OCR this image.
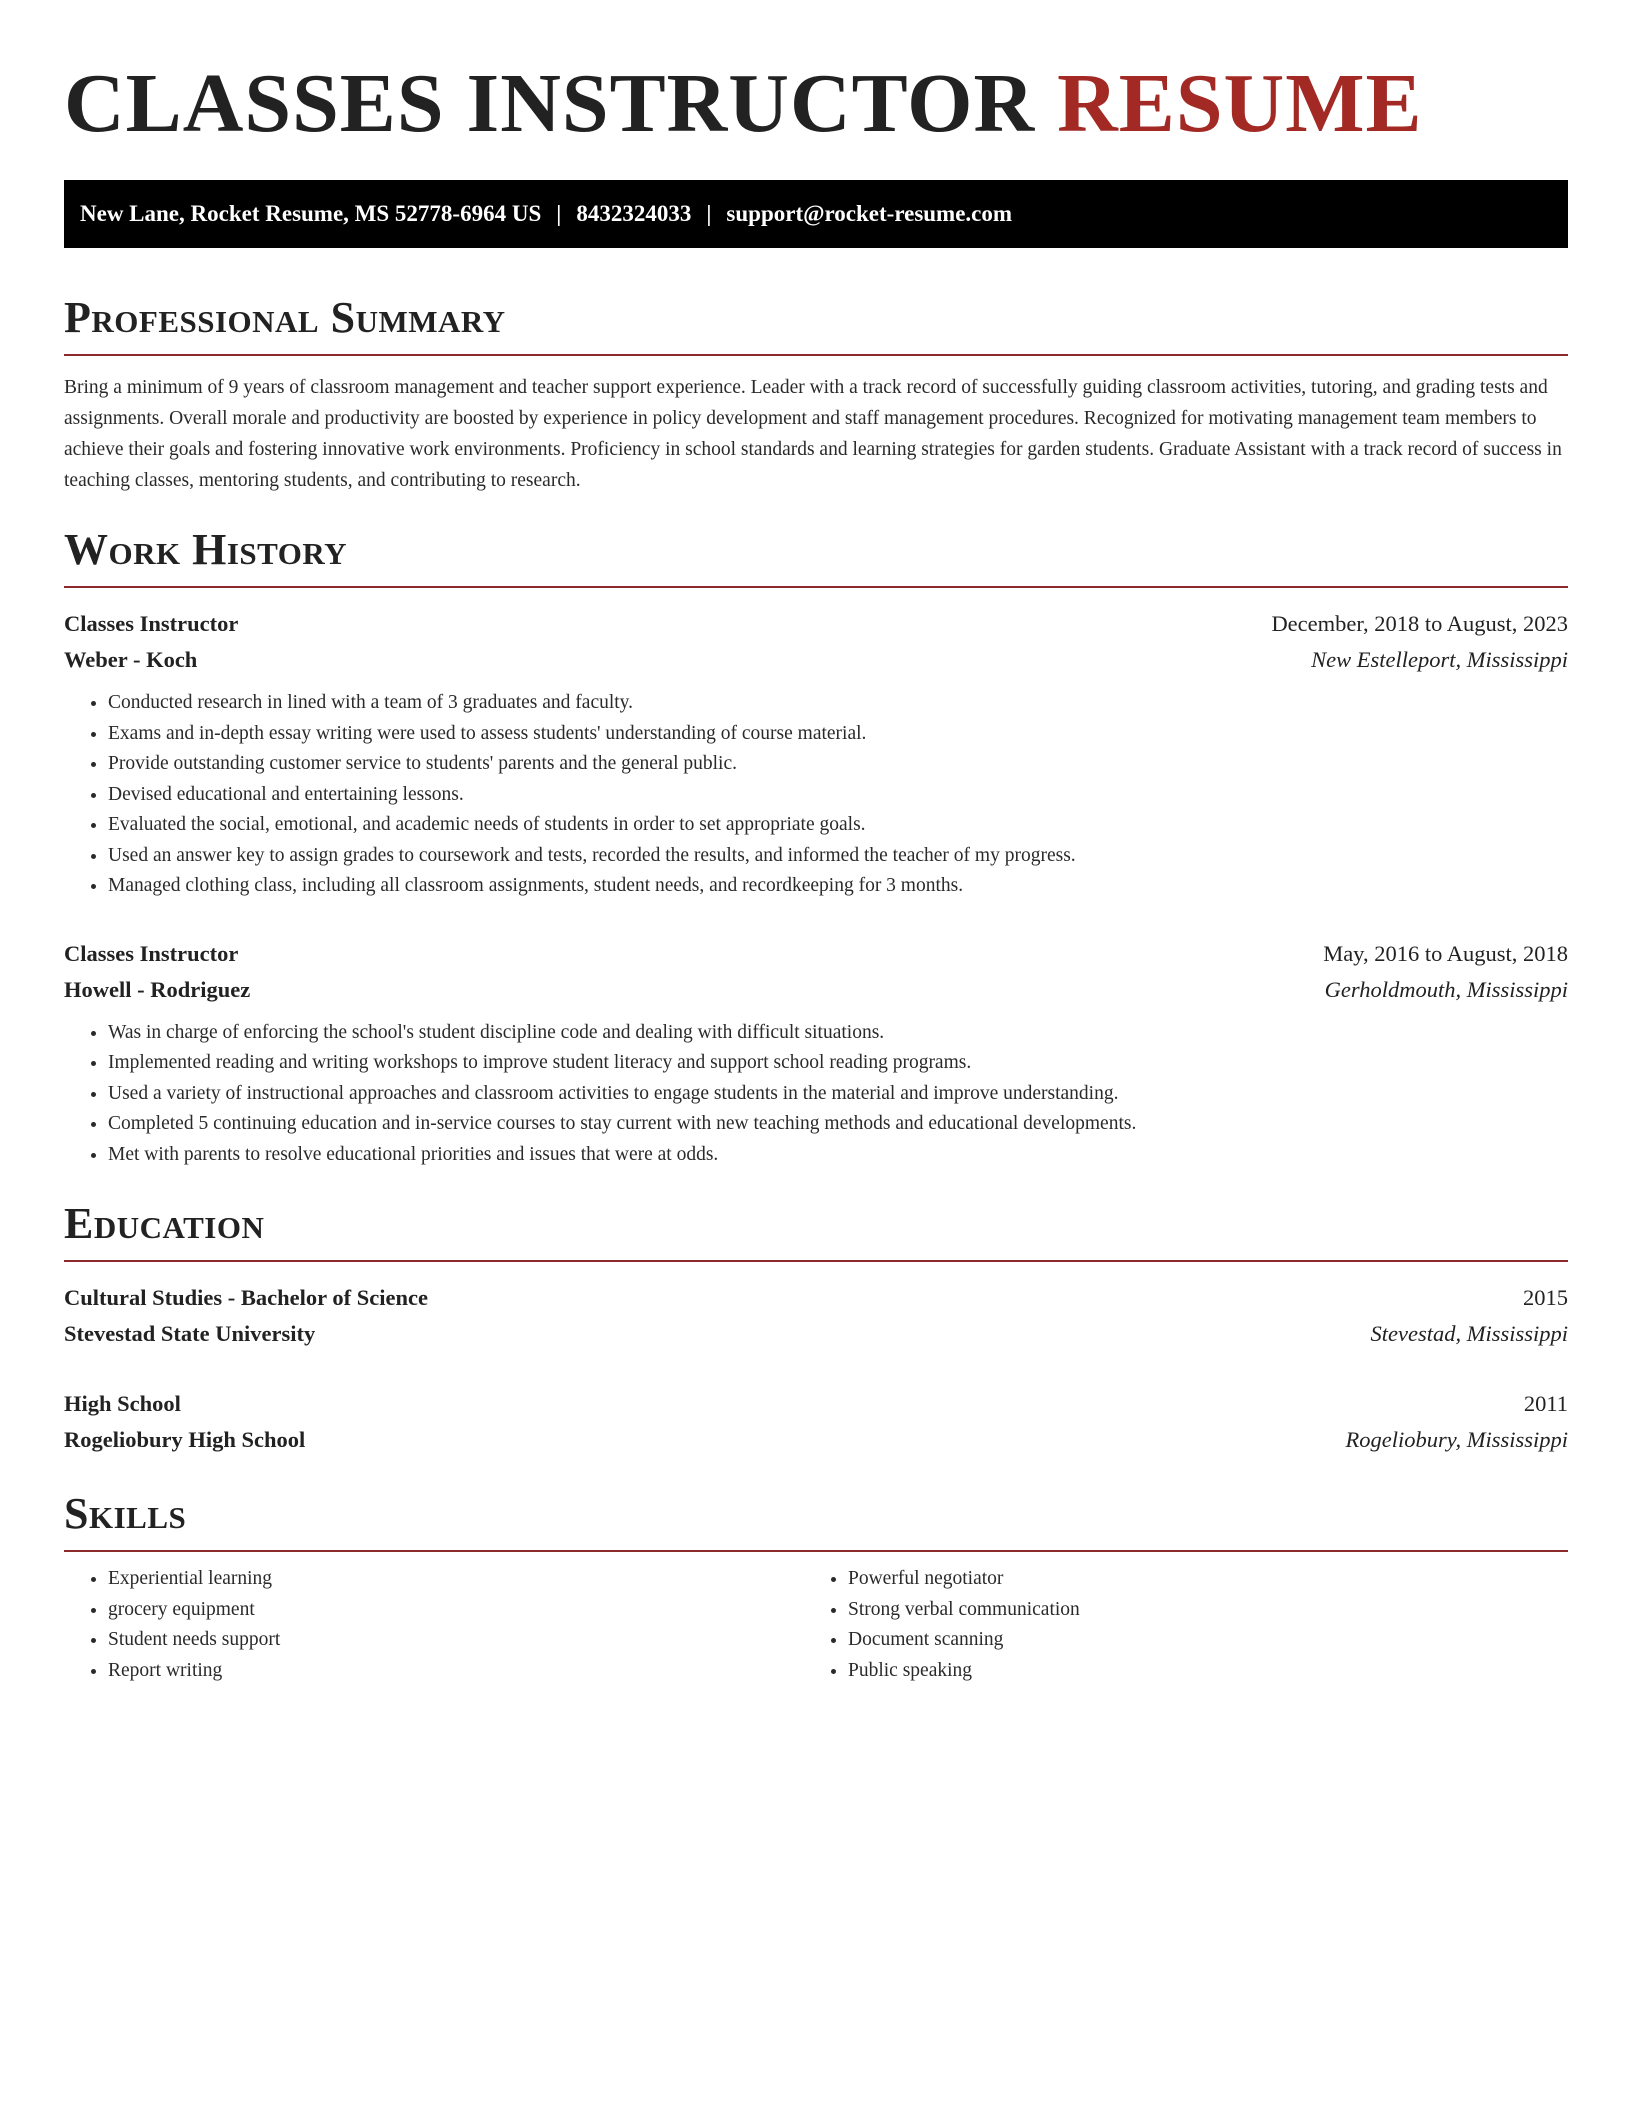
CLASSES INSTRUCTOR RESUME
New Lane, Rocket Resume, MS 52778-6964 US | 8432324033 | support@rocket-resume.com
Professional Summary

Bring a minimum of 9 years of classroom management and teacher support experience. Leader with a track record of successfully guiding classroom activities, tutoring, and grading tests and assignments. Overall morale and productivity are boosted by experience in policy development and staff management procedures. Recognized for motivating management team members to achieve their goals and fostering innovative work environments. Proficiency in school standards and learning strategies for garden students. Graduate Assistant with a track record of success in teaching classes, mentoring students, and contributing to research.

Work History
Classes Instructor	December, 2018 to August, 2023
Weber - Koch	New Estelleport, Mississippi
• Conducted research in lined with a team of 3 graduates and faculty.
• Exams and in-depth essay writing were used to assess students' understanding of course material.
• Provide outstanding customer service to students' parents and the general public.
• Devised educational and entertaining lessons.
• Evaluated the social, emotional, and academic needs of students in order to set appropriate goals.
• Used an answer key to assign grades to coursework and tests, recorded the results, and informed the teacher of my progress.
• Managed clothing class, including all classroom assignments, student needs, and recordkeeping for 3 months.
Classes Instructor	May, 2016 to August, 2018
Howell - Rodriguez	Gerholdmouth, Mississippi
• Was in charge of enforcing the school's student discipline code and dealing with difficult situations.
• Implemented reading and writing workshops to improve student literacy and support school reading programs.
• Used a variety of instructional approaches and classroom activities to engage students in the material and improve understanding.
• Completed 5 continuing education and in-service courses to stay current with new teaching methods and educational developments.
• Met with parents to resolve educational priorities and issues that were at odds.
Education
Cultural Studies - Bachelor of Science	2015
Stevestad State University	Stevestad, Mississippi
High School	2011
Rogeliobury High School	Rogeliobury, Mississippi
Skills
• Experiential learning
• grocery equipment
• Student needs support
• Report writing
• Powerful negotiator
• Strong verbal communication
• Document scanning
• Public speaking
